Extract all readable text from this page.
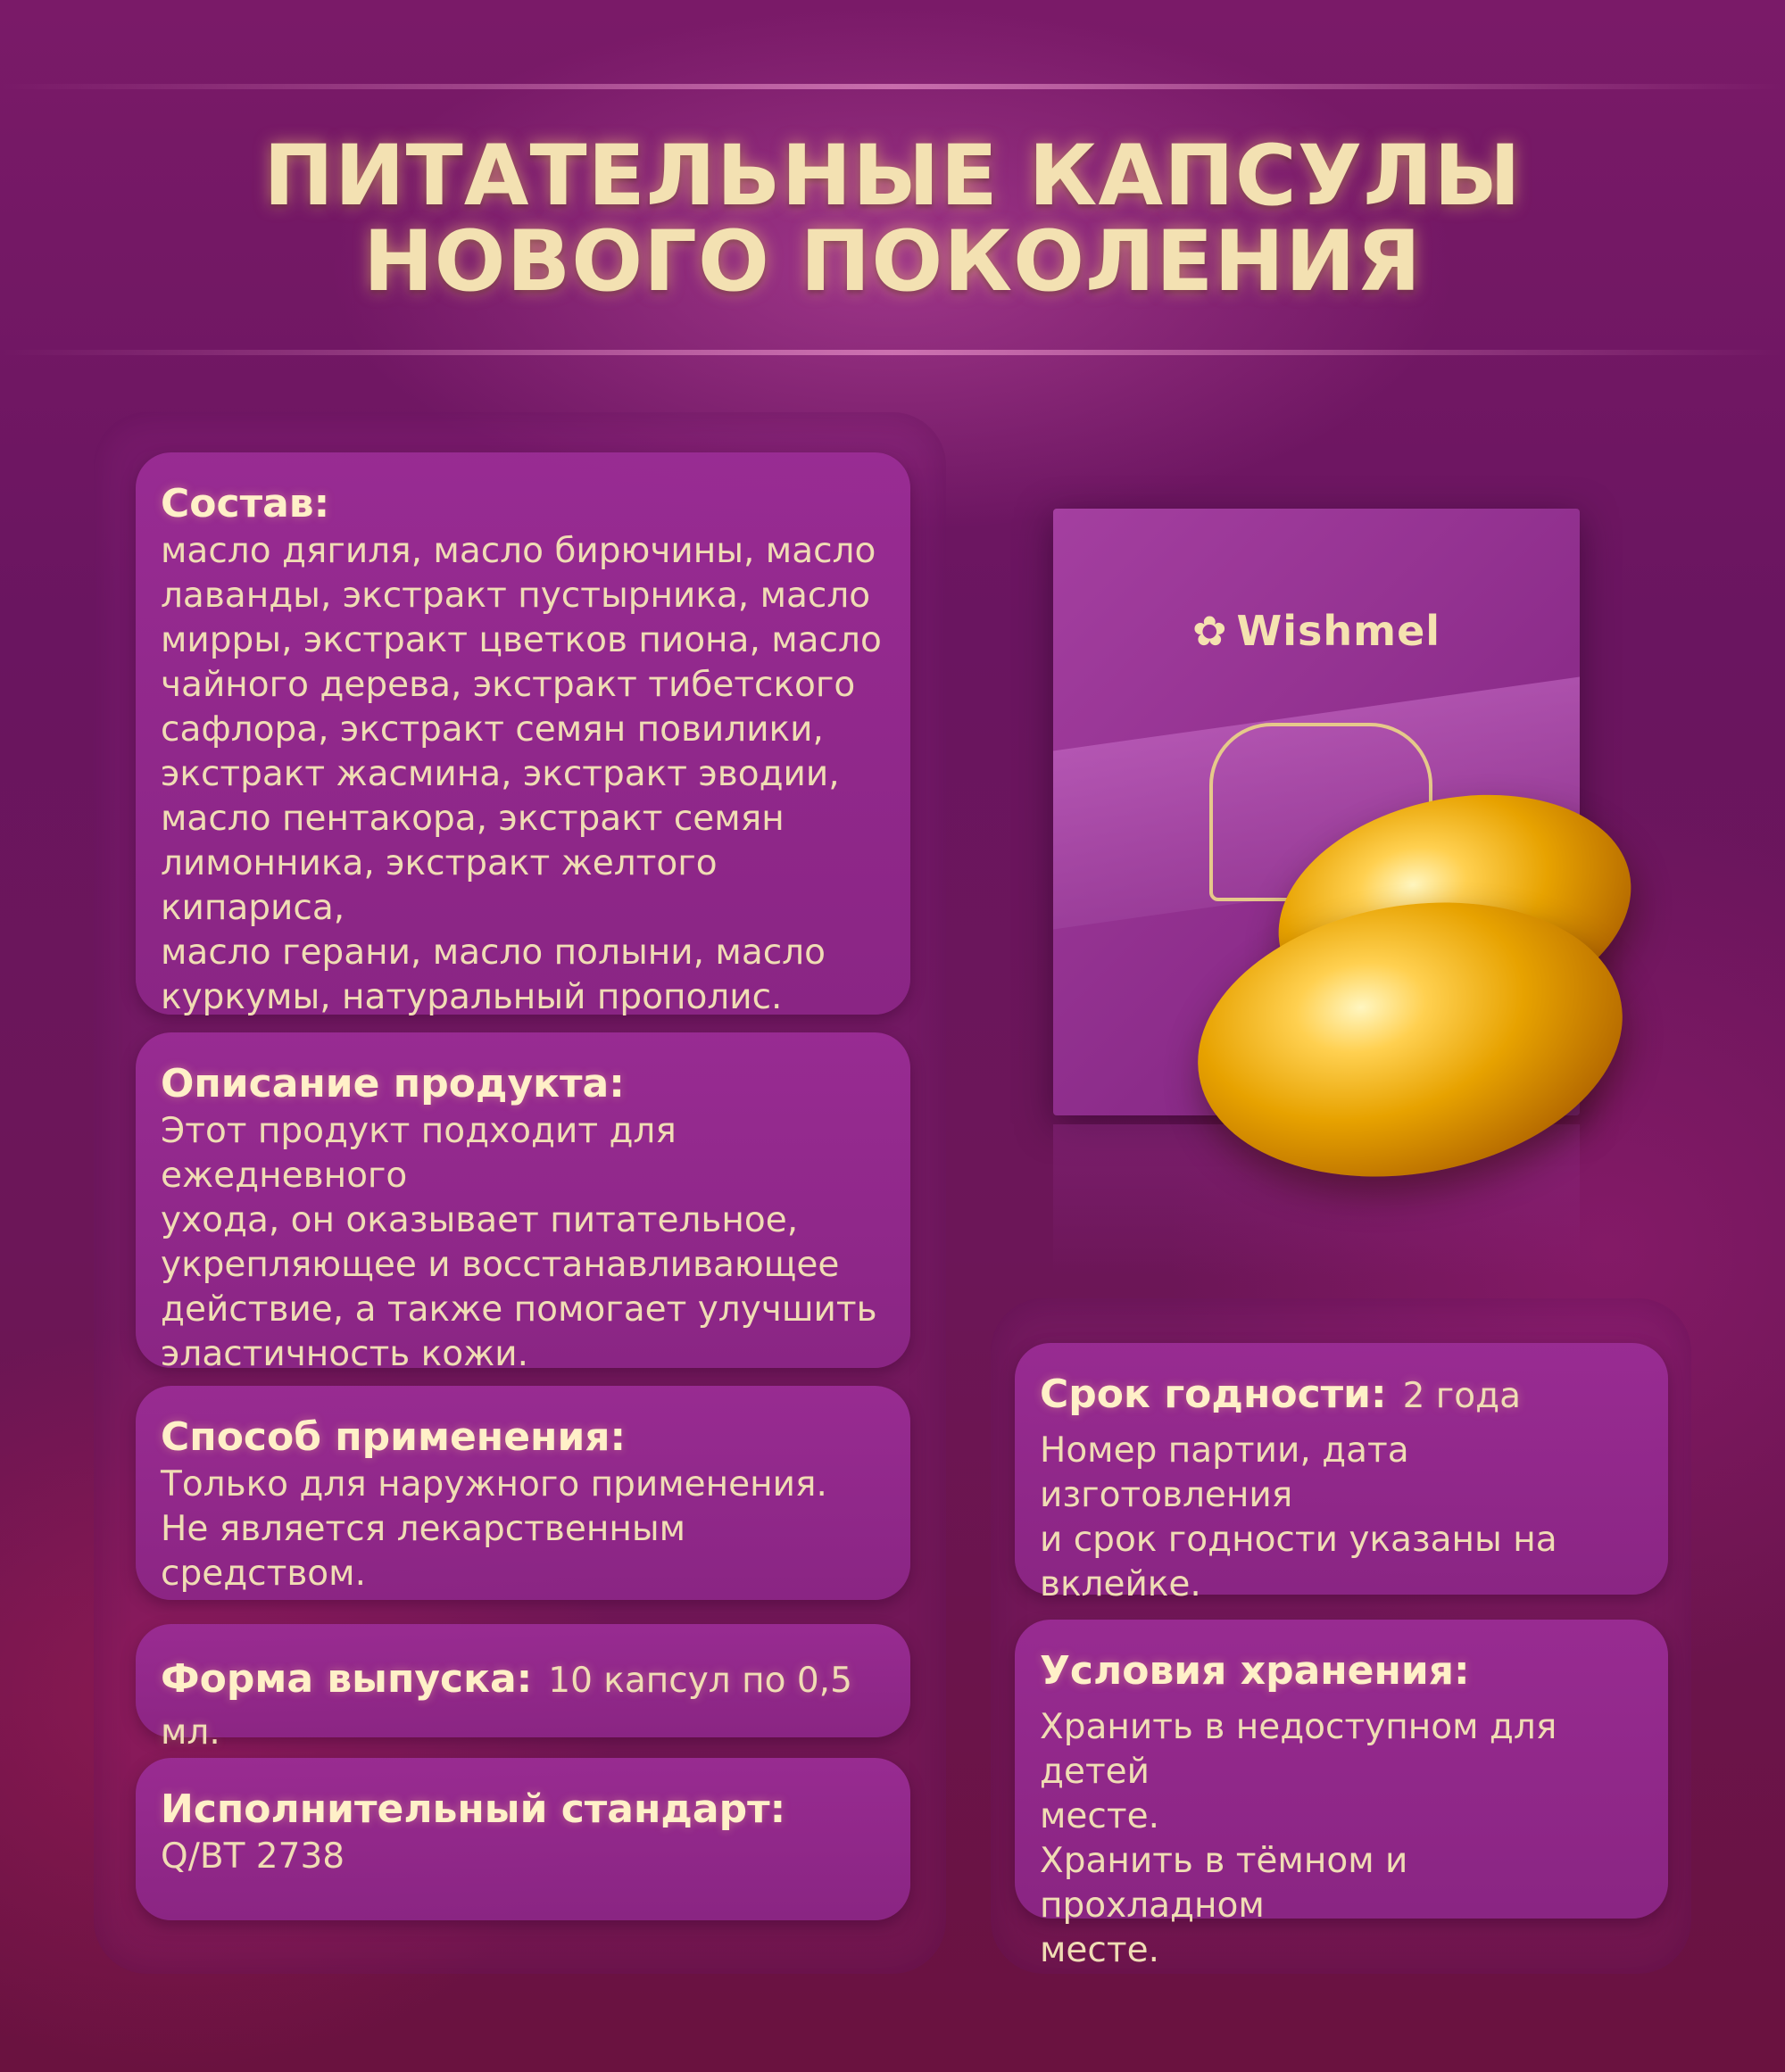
ПИТАТЕЛЬНЫЕ КАПСУЛЫ
НОВОГО ПОКОЛЕНИЯ
✿ Wishmel
Состав:
масло дягиля, масло бирючины, масло
лаванды, экстракт пустырника, масло
мирры, экстракт цветков пиона, масло
чайного дерева, экстракт тибетского
сафлора, экстракт семян повилики,
экстракт жасмина, экстракт эводии,
масло пентакора, экстракт семян
лимонника, экстракт желтого кипариса,
масло герани, масло полыни, масло
куркумы, натуральный прополис.
Описание продукта:
Этот продукт подходит для ежедневного
ухода, он оказывает питательное,
укрепляющее и восстанавливающее
действие, а также помогает улучшить
эластичность кожи.
Способ применения:
Только для наружного применения.
Не является лекарственным средством.
Форма выпуска: 10 капсул по 0,5 мл.
Исполнительный стандарт:
Q/BT 2738
Срок годности: 2 года
Номер партии, дата изготовления
и срок годности указаны на
вклейке.
Условия хранения:
Хранить в недоступном для детей
месте.
Хранить в тёмном и прохладном
месте.
